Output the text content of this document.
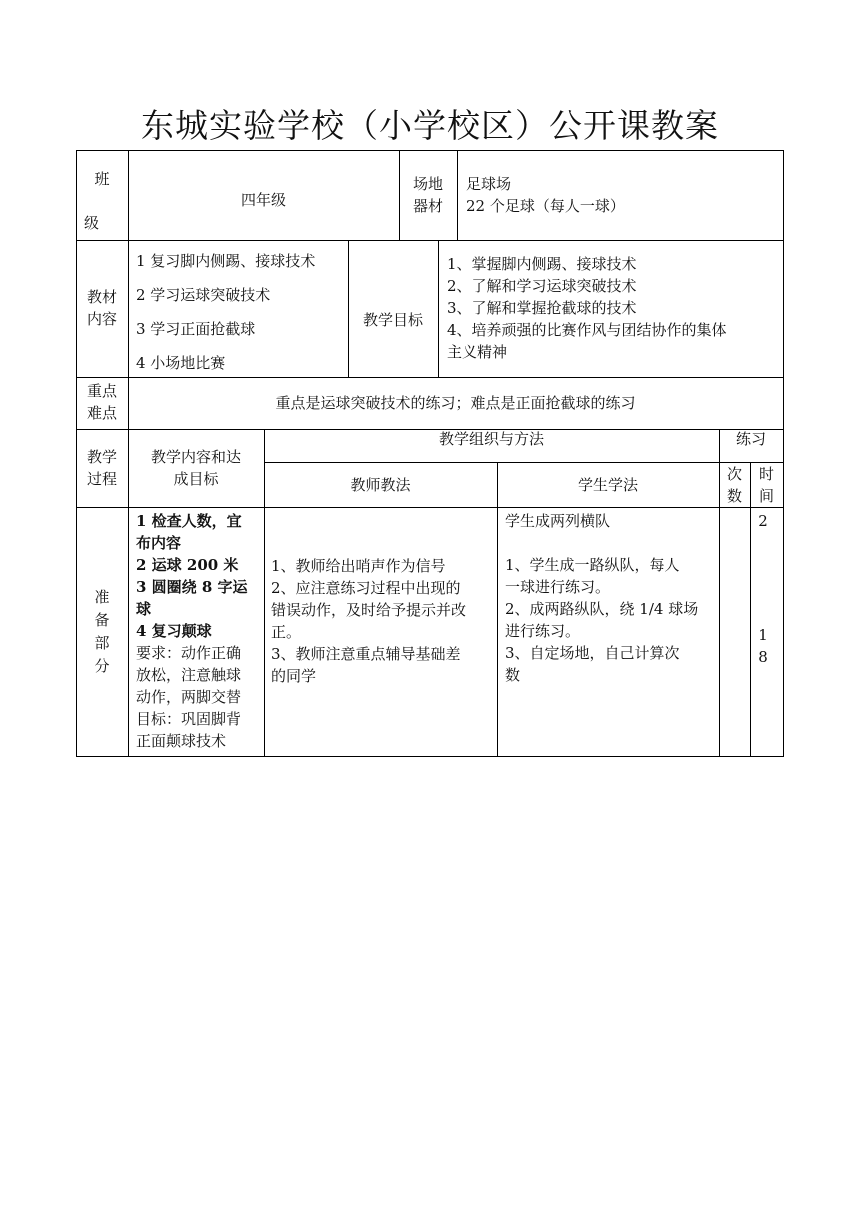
东城实验学校（小学校区）公开课教案
班
级
四年级
场地
器材
足球场
22 个足球（每人一球）
教材
内容
1 复习脚内侧踢、接球技术
2 学习运球突破技术
3 学习正面抢截球
4 小场地比赛
教学目标
1、掌握脚内侧踢、接球技术
2、了解和学习运球突破技术
3、了解和掌握抢截球的技术
4、培养顽强的比赛作风与团结协作的集体
主义精神
重点
难点
重点是运球突破技术的练习；难点是正面抢截球的练习
教学
过程
教学内容和达
成目标
教学组织与方法	练习
教师教法	学生学法
次
数
时
间
准
备
部
分
1 检查人数，宜
布内容
2 运球 200 米
3 圆圈绕 8 字运
球
4 复习颠球
要求：动作正确
放松，注意触球
动作，两脚交替
目标：巩固脚背
正面颠球技术
1、教师给出哨声作为信号
2、应注意练习过程中出现的
错误动作，及时给予提示并改
正。
3、教师注意重点辅导基础差
的同学
学生成两列横队
1、学生成一路纵队，每人
一球进行练习。
2、成两路纵队，绕 1/4 球场
进行练习。
3、自定场地，自己计算次
数
2
1
8
